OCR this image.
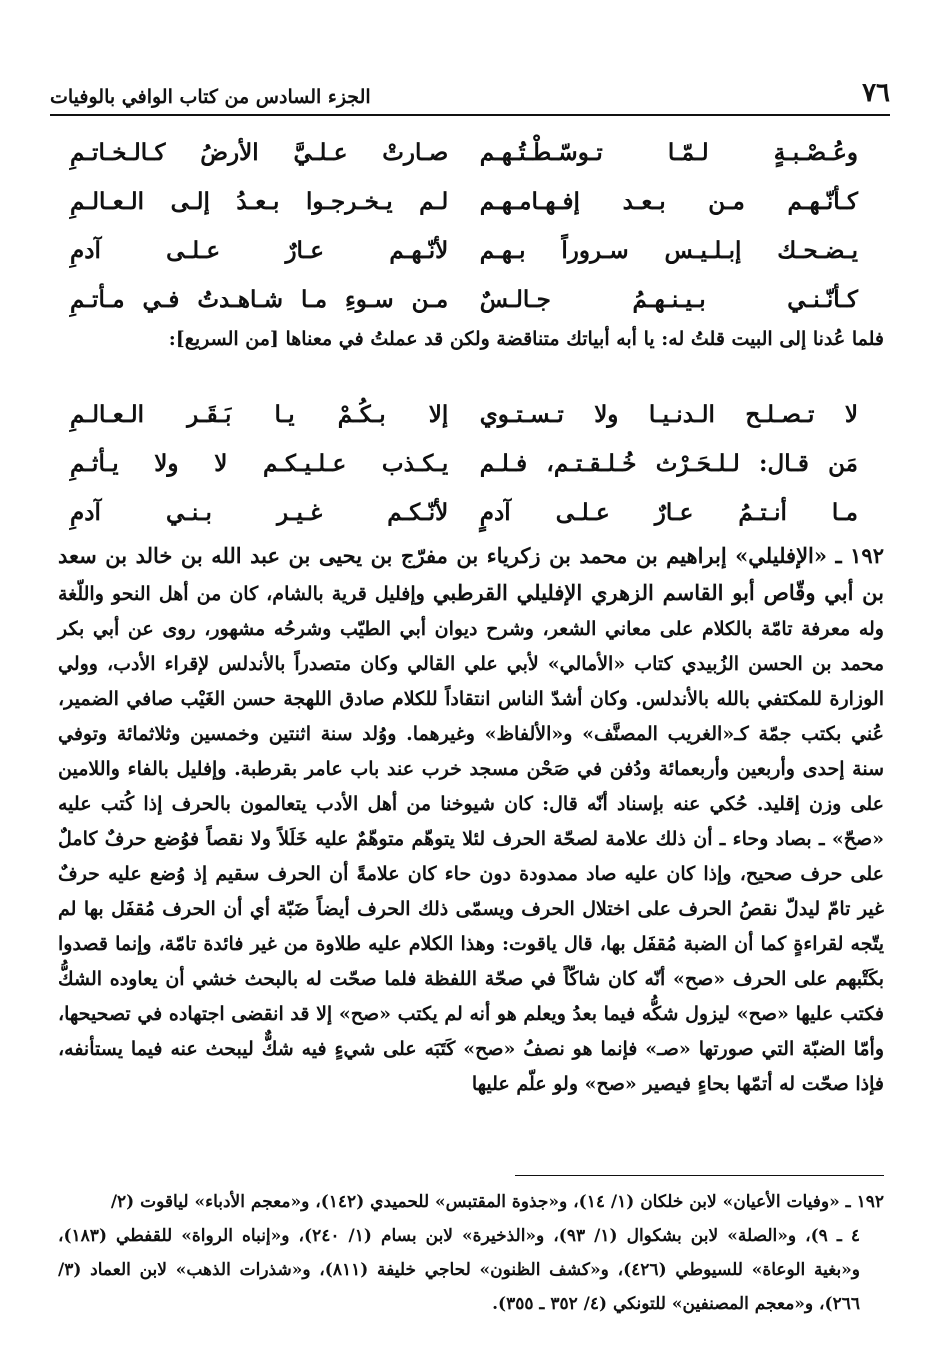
٧٦
الجزء السادس من كتاب الوافي بالوفيات
وعُـصْـبـةٍ لـمّـا تـوسّـطْـتُـهـم
صـارتْ عـلـيَّ الأرضُ كـالـخـاتـمِ
كـأنّـهـم مـن بـعـد إفـهـامـهـم
لـم يـخـرجـوا بـعـدُ إلـى الـعـالـمِ
يـضـحـك إبـلـيـس سـروراً بـهـم
لأنّـهـم عـارٌ عـلـى آدمِ
كـأنّـنـي بـيـنـهـمُ جـالـسٌ
مـن سـوءِ مـا شـاهـدتُ فـي مـأتـمِ
فلما عُدنا إلى البيت قلتُ له: يا أبه أبياتك متناقضة ولكن قد عملتُ في معناها [من السريع]:
لا تـصـلـح الـدنـيـا ولا تـسـتـوي
إلا بـكُـمْ يـا بَـقَـر الـعـالـمِ
مَن قـال: لـلـحَـرْث خُـلـقـتـم، فـلـم
يـكـذب عـلـيـكـم لا ولا يـأثـمِ
مـا أنـتـمُ عـارٌ عـلـى آدمٍ
لأنّـكـم غـيـر بـنـي آدمِ
١٩٢ ـ «الإفليلي» إبراهيم بن محمد بن زكرياء بن مفرّج بن يحيى بن عبد الله بن خالد بن سعد بن أبي وقّاص أبو القاسم الزهري الإفليلي القرطبي وإفليل قرية بالشام، كان من أهل النحو واللّغة وله معرفة تامّة بالكلام على معاني الشعر، وشرح ديوان أبي الطيّب وشرحُه مشهور، روى عن أبي بكر محمد بن الحسن الزُبيدي كتاب «الأمالي» لأبي علي القالي وكان متصدراً بالأندلس لإقراء الأدب، وولي الوزارة للمكتفي بالله بالأندلس. وكان أشدّ الناس انتقاداً للكلام صادق اللهجة حسن الغَيْب صافي الضمير، عُني بكتب جمّة كـ«الغريب المصنَّف» و«الألفاظ» وغيرهما. ووُلد سنة اثنتين وخمسين وثلاثمائة وتوفي سنة إحدى وأربعين وأربعمائة ودُفن في صَحْن مسجد خرب عند باب عامر بقرطبة. وإفليل بالفاء واللامين على وزن إقليد. حُكي عنه بإسناد أنّه قال: كان شيوخنا من أهل الأدب يتعالمون بالحرف إذا كُتب عليه «صحّ» ـ بصاد وحاء ـ أن ذلك علامة لصحّة الحرف لئلا يتوهّم متوهّمٌ عليه خَلَلاً ولا نقصاً فوُضع حرفٌ كاملٌ على حرف صحيح، وإذا كان عليه صاد ممدودة دون حاء كان علامةً أن الحرف سقيم إذ وُضع عليه حرفٌ غير تامّ ليدلّ نقصُ الحرف على اختلال الحرف ويسمّى ذلك الحرف أيضاً ضَبّة أي أن الحرف مُقفَل بها لم يتّجه لقراءةٍ كما أن الضبة مُقفَل بها، قال ياقوت: وهذا الكلام عليه طلاوة من غير فائدة تامّة، وإنما قصدوا بكَتْبهم على الحرف «صح» أنّه كان شاكّاً في صحّة اللفظة فلما صحّت له بالبحث خشي أن يعاوده الشكُّ فكتب عليها «صح» ليزول شكُّه فيما بعدُ ويعلم هو أنه لم يكتب «صح» إلا قد انقضى اجتهاده في تصحيحها، وأمّا الضبّة التي صورتها «صـ» فإنما هو نصفُ «صح» كَتَبَه على شيءٍ فيه شكٌّ ليبحث عنه فيما يستأنفه، فإذا صحّت له أتمّها بحاءٍ فيصير «صح» ولو علّم عليها
١٩٢ ـ «وفيات الأعيان» لابن خلكان (١/ ١٤)، و«جذوة المقتبس» للحميدي (١٤٢)، و«معجم الأدباء» لياقوت (٢/
٤ ـ ٩)، و«الصلة» لابن بشكوال (١/ ٩٣)، و«الذخيرة» لابن بسام (١/ ٢٤٠)، و«إنباه الرواة» للقفطي (١٨٣)، و«بغية الوعاة» للسيوطي (٤٢٦)، و«كشف الظنون» لحاجي خليفة (٨١١)، و«شذرات الذهب» لابن العماد (٣/ ٢٦٦)، و«معجم المصنفين» للتونكي (٤/ ٣٥٢ ـ ٣٥٥).
